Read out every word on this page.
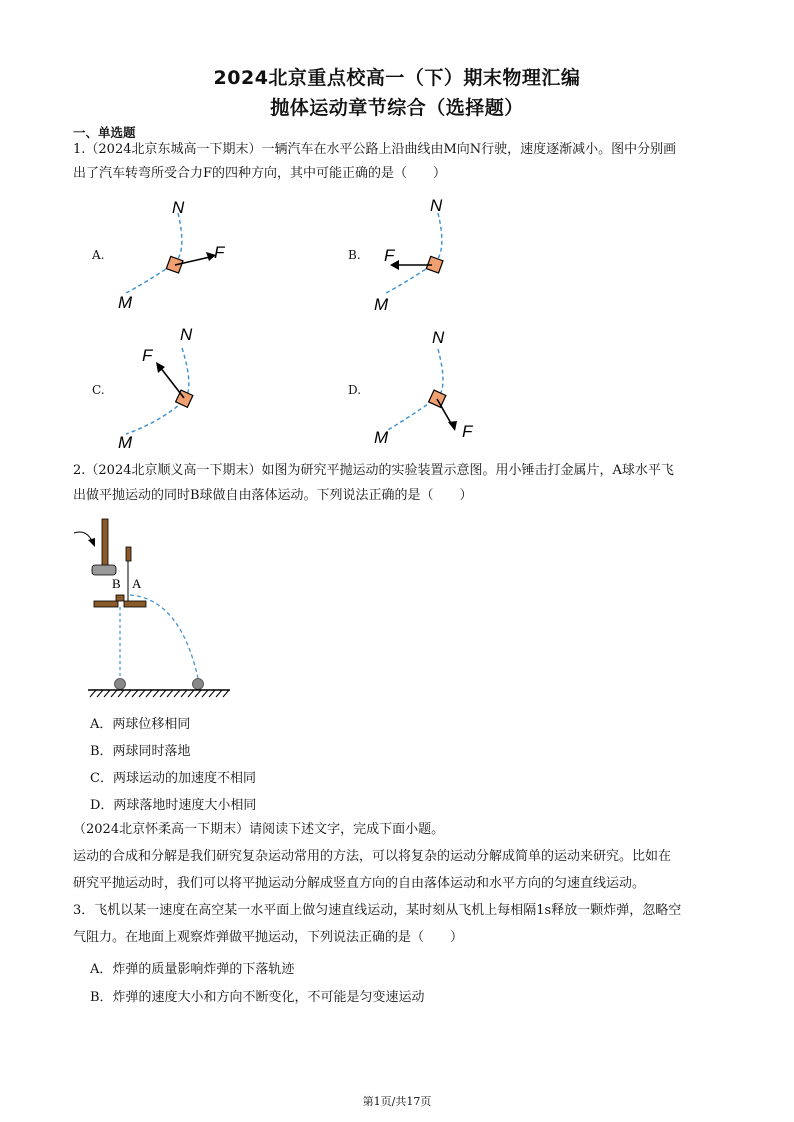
2024北京重点校高一（下）期末物理汇编
抛体运动章节综合（选择题）
一、单选题
1.（2024北京东城高一下期末）一辆汽车在水平公路上沿曲线由M向N行驶，速度逐渐减小。图中分别画
出了汽车转弯所受合力F的四种方向，其中可能正确的是（　　）
A.
N
M
F	B.
N
M
F
C.
N
M
F
D.
N
M	F
2.（2024北京顺义高一下期末）如图为研究平抛运动的实验装置示意图。用小锤击打金属片，A球水平飞
出做平抛运动的同时B球做自由落体运动。下列说法正确的是（　　）
B A
A．两球位移相同
B．两球同时落地
C．两球运动的加速度不相同
D．两球落地时速度大小相同
（2024北京怀柔高一下期末）请阅读下述文字，完成下面小题。
运动的合成和分解是我们研究复杂运动常用的方法，可以将复杂的运动分解成简单的运动来研究。比如在
研究平抛运动时，我们可以将平抛运动分解成竖直方向的自由落体运动和水平方向的匀速直线运动。
3．飞机以某一速度在高空某一水平面上做匀速直线运动，某时刻从飞机上每相隔1s释放一颗炸弹，忽略空
气阻力。在地面上观察炸弹做平抛运动，下列说法正确的是（　　）
A．炸弹的质量影响炸弹的下落轨迹
B．炸弹的速度大小和方向不断变化，不可能是匀变速运动
第1页/共17页
